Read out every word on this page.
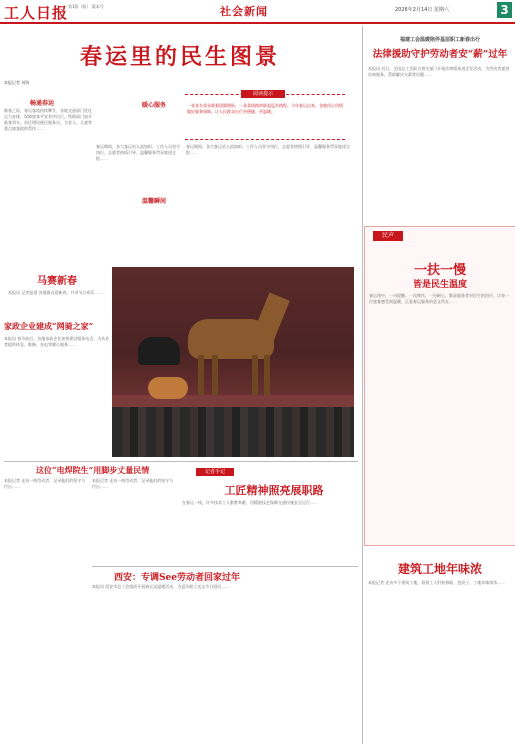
工人日报 第1版（版） 版本号	社会新闻	2026年2月14日 星期六	3
春运里的民生图景
本报记者 刘海
畅通春运
新春之际，春运客流持续攀升，各地交通部门优化运力安排，保障旅客平安有序出行。铁路部门加开临客列车，站区增设便民服务台，为老人、儿童等重点旅客提供帮扶……
阅读提示
一张张车票承载着团圆期盼，一条条线路串联起返乡路程。今年春运以来，各地用心用情做好服务保障，让人民群众出行更便捷、更温暖。
暖心服务
春运期间，各大客运站人流如织。工作人员坚守岗位，志愿者热情引导，温馨服务贯穿旅途全程……
温馨瞬间
春运期间，各大客运站人流如织。工作人员坚守岗位，志愿者热情引导，温馨服务贯穿旅途全程……
马赛新春
本报讯 记者报道 各地群众迎新春，共享节日欢乐……
家政企业建成“网骑之家”
本报讯 春节前后，各地家政企业加快建设服务站点，为从业者提供休息、维修、充电等暖心服务……
这位“电焊院生”用脚步丈量民情
本报记者 走访一线劳动者，记录他们的坚守与付出……
本报记者 走访一线劳动者，记录他们的坚守与付出……
记者手记
工匠精神照亮展职路
在春运一线，许多技术工人默默奉献，用精湛技艺保障交通设施安全运行……
西安：专调See劳动者回家过年
本报讯 西安市总工会组织开展春运送温暖活动，为返乡职工送去节日慰问……
福建工会温暖陪伴基层职工新春出行
法律援助守护劳动者安“薪”过年
本报讯 近日，全国总工会联合相关部门开展法律服务进企业活动，为劳动者提供咨询服务，帮助解决欠薪等问题……
民声
一扶一慢
皆是民生温度
春运途中，一句提醒、一次搀扶、一份耐心，都是服务者对民生的回应。让每一位旅客感受到温暖，正是春运服务的意义所在……
建筑工地年味浓
本报记者 走访多个建筑工地，看到工人们贴春联、包饺子，工地年味浓浓……
